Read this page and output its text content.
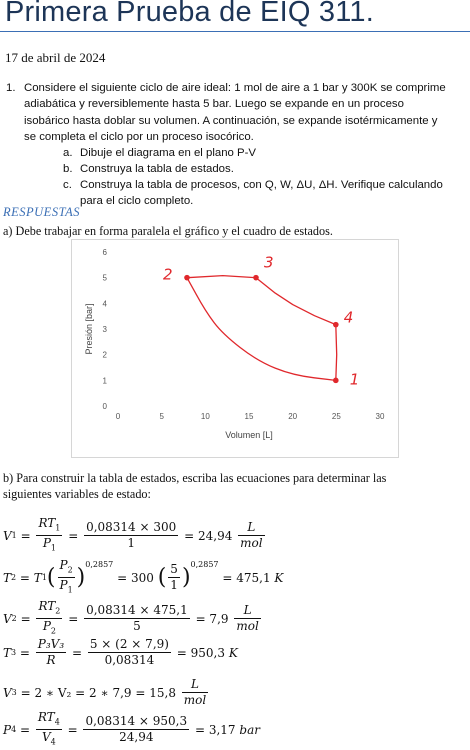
Primera Prueba de EIQ 311.
17 de abril de 2024
1. Considere el siguiente ciclo de aire ideal: 1 mol de aire a 1 bar y 300K se comprime
adiabática y reversiblemente hasta 5 bar. Luego se expande en un proceso
isobárico hasta doblar su volumen. A continuación, se expande isotérmicamente y
se completa el ciclo por un proceso isocórico.
a. Dibuje el diagrama en el plano P-V
b. Construya la tabla de estados.
c. Construya la tabla de procesos, con Q, W, ΔU, ΔH. Verifique calculando
para el ciclo completo.
RESPUESTAS
a) Debe trabajar en forma paralela el gráfico y el cuadro de estados.
0	5	10	15	20	25	30
0
1
2
3
4
5
6
Volumen [L]
Presión [bar]
1
2
3
4
b) Para construir la tabla de estados, escriba las ecuaciones para determinar las
siguientes variables de estado:
V $1 = \frac{RT_1}{P_1} = \frac{0,08314 \times 300}{1}$
= 24,94
$\frac{L}{\text{mol}}$
T 2 = T 1 ( $\frac{P_2}{P_1}$ )
$^{0,2857}$

= 300
( $\frac{5}{1}$ )
$^{0,2857}$

= 475,1
K
V $2 = \frac{RT_2}{P_2} = \frac{0,08314 \times 475,1}{5}$
= 7,9
$\frac{L}{\text{mol}}$
T $3 = \frac{\text{P₃V₃}}{R} = \frac{5 \times (2 \times 7,9)}{0,08314}$
= 950,3
K
V 3
= 2 ∗ V₂ = 2 ∗ 7,9 = 15,8
$\frac{L}{\text{mol}}$
P $4 = \frac{RT_4}{V_4} = \frac{0,08314 \times 950,3}{24,94}$
= 3,17
bar
